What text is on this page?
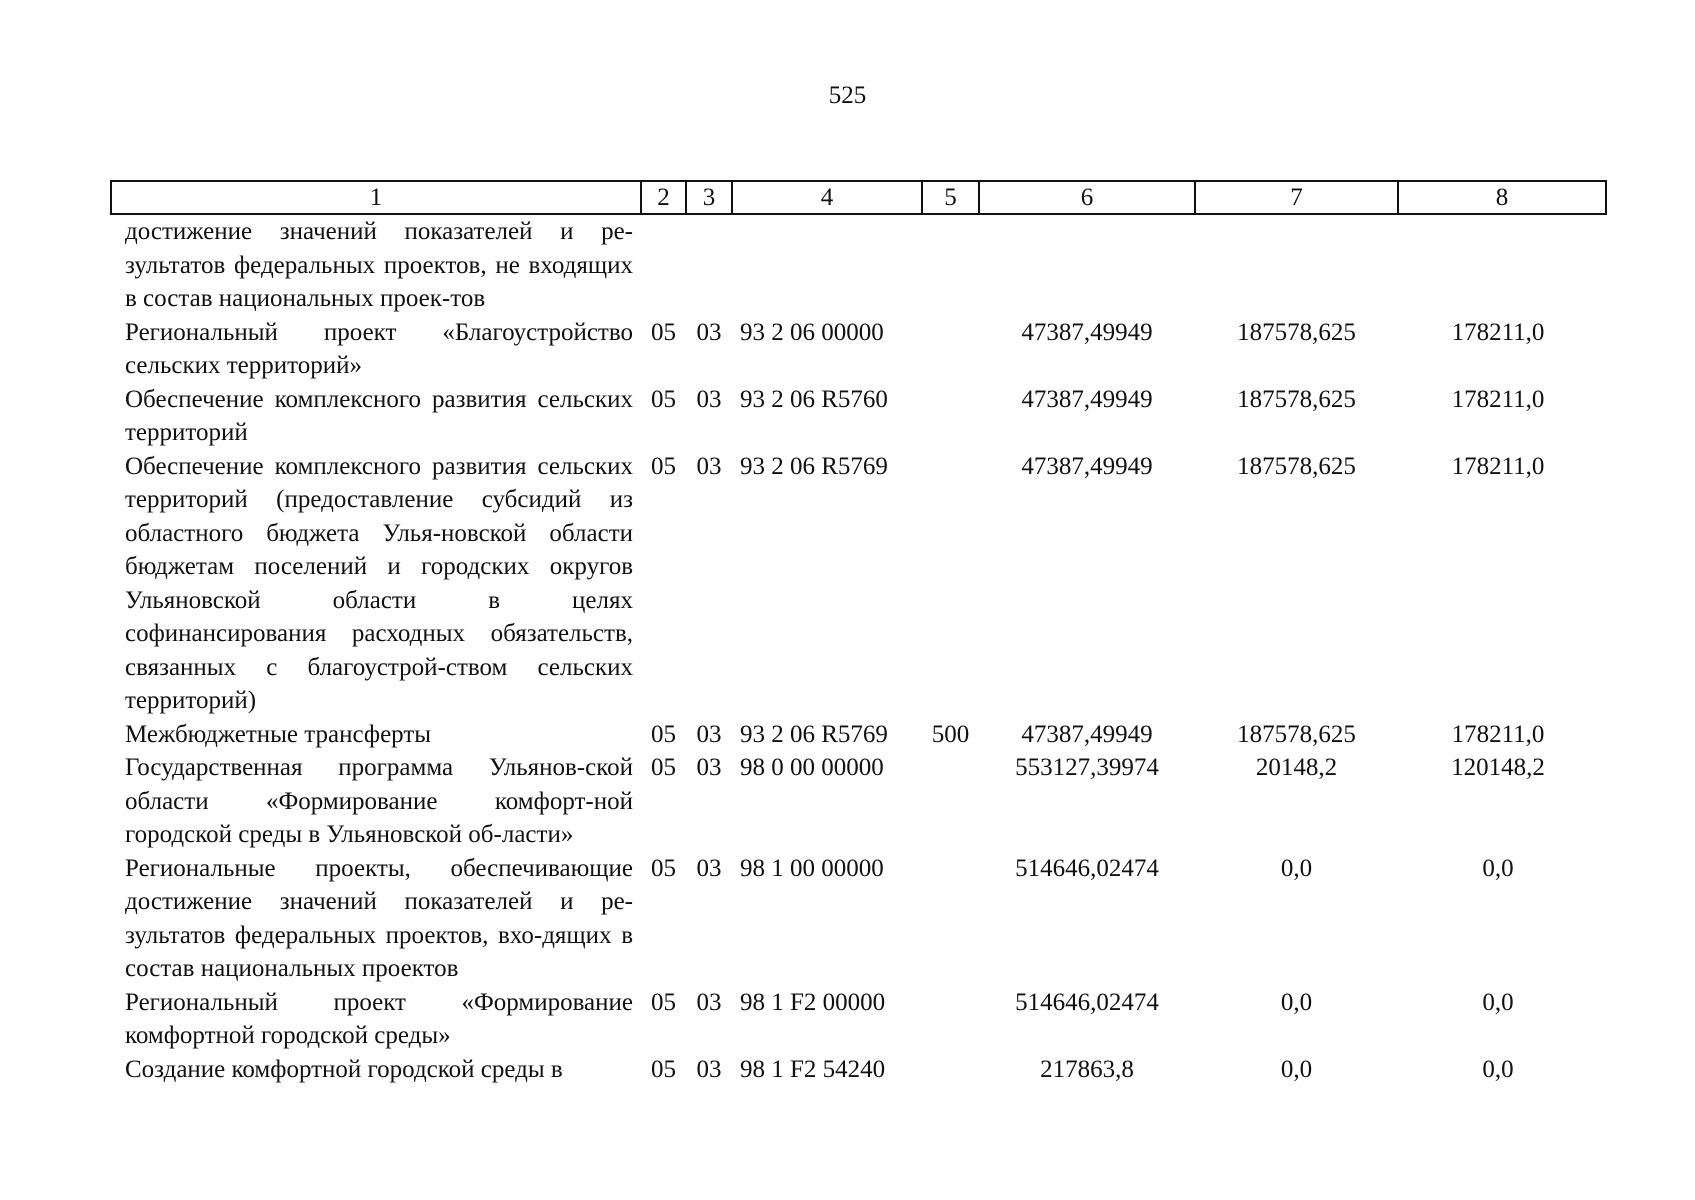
525
1	2	3	4	5	6	7	8
достижение значений показателей и ре-зультатов федеральных проектов, не входящих в состав национальных проек-тов							
Региональный проект «Благоустройство сельских территорий»	05	03	93 2 06 00000		47387,49949	187578,625	178211,0
Обеспечение комплексного развития сельских территорий	05	03	93 2 06 R5760		47387,49949	187578,625	178211,0
Обеспечение комплексного развития сельских территорий (предоставление субсидий из областного бюджета Улья-новской области бюджетам поселений и городских округов Ульяновской области в целях софинансирования расходных обязательств, связанных с благоустрой-ством сельских территорий)	05	03	93 2 06 R5769		47387,49949	187578,625	178211,0
Межбюджетные трансферты	05	03	93 2 06 R5769	500	47387,49949	187578,625	178211,0
Государственная программа Ульянов-ской области «Формирование комфорт-ной городской среды в Ульяновской об-ласти»	05	03	98 0 00 00000		553127,39974	20148,2	120148,2
Региональные проекты, обеспечивающие достижение значений показателей и ре-зультатов федеральных проектов, вхо-дящих в состав национальных проектов	05	03	98 1 00 00000		514646,02474	0,0	0,0
Региональный проект «Формирование комфортной городской среды»	05	03	98 1 F2 00000		514646,02474	0,0	0,0
Создание комфортной городской среды в	05	03	98 1 F2 54240		217863,8	0,0	0,0
